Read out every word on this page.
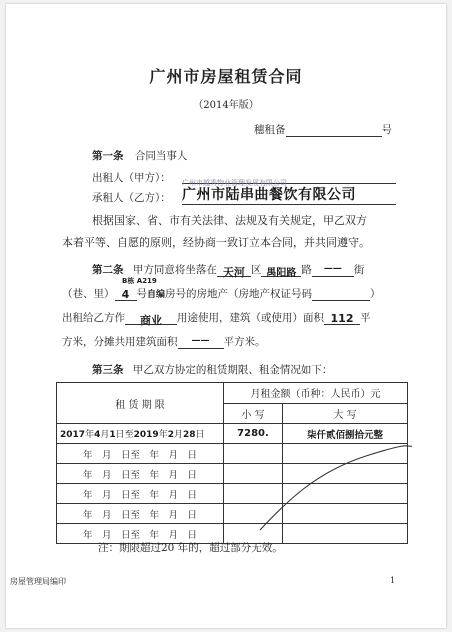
广州市房屋租赁合同
（2014年版）
穗租备	号
第一条 合同当事人
出租人（甲方）： 广州市越秀物业管理发展有限公司
承租人（乙方）： 广州市陆串曲餐饮有限公司
根据国家、省、市有关法律、法规及有关规定，甲乙双方
本着平等、自愿的原则，经协商一致订立本合同，并共同遵守。
第二条 甲方同意将坐落在 天河 区 禺阳路 路 —— 街
B栋 A219
（巷、里） 4 号自编房号的房地产（房地产权证号码	）
出租给乙方作 商业 用途使用，建筑（或使用）面积 112 平
方米，分摊共用建筑面积 —— 平方米。
第三条 甲乙双方协定的租赁期限、租金情况如下：
租 赁 期 限	月租金额（币种：人民币）元	
	小 写	大 写
2017年4月1日至2019年2月28日	7280.	柒仟贰佰捌拾元整
年　月　日至　年　月　日		
年　月　日至　年　月　日		
年　月　日至　年　月　日		
年　月　日至　年　月　日		
年　月　日至　年　月　日		
注：期限超过20 年的，超过部分无效。
房屋管理局编印	1
